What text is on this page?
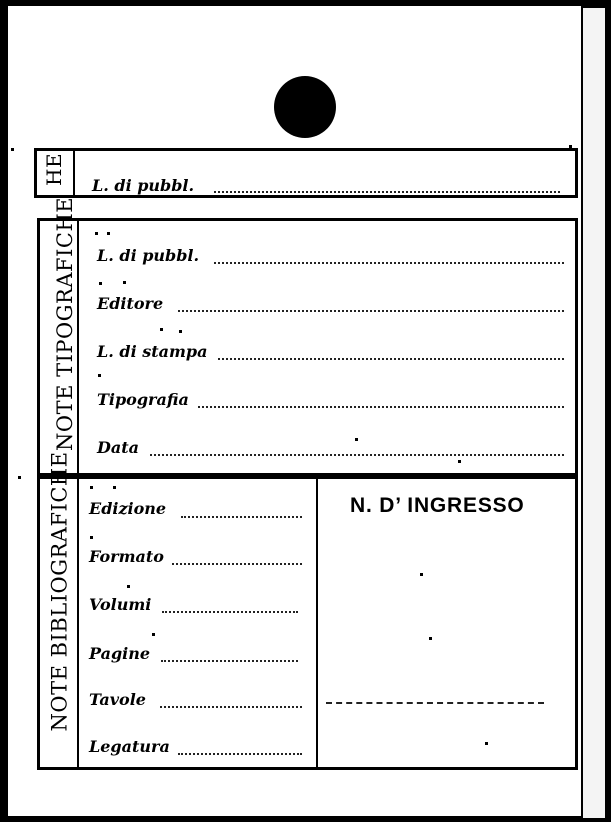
HE L. di pubbl.
NOTE TIPOGRAFICHE L. di pubbl.
Editore
L. di stampa
Tipografia
Data
NOTE BIBLIOGRAFICHE Edizione
Formato
Volumi
Pagine
Tavole
Legatura
N. D’ INGRESSO
